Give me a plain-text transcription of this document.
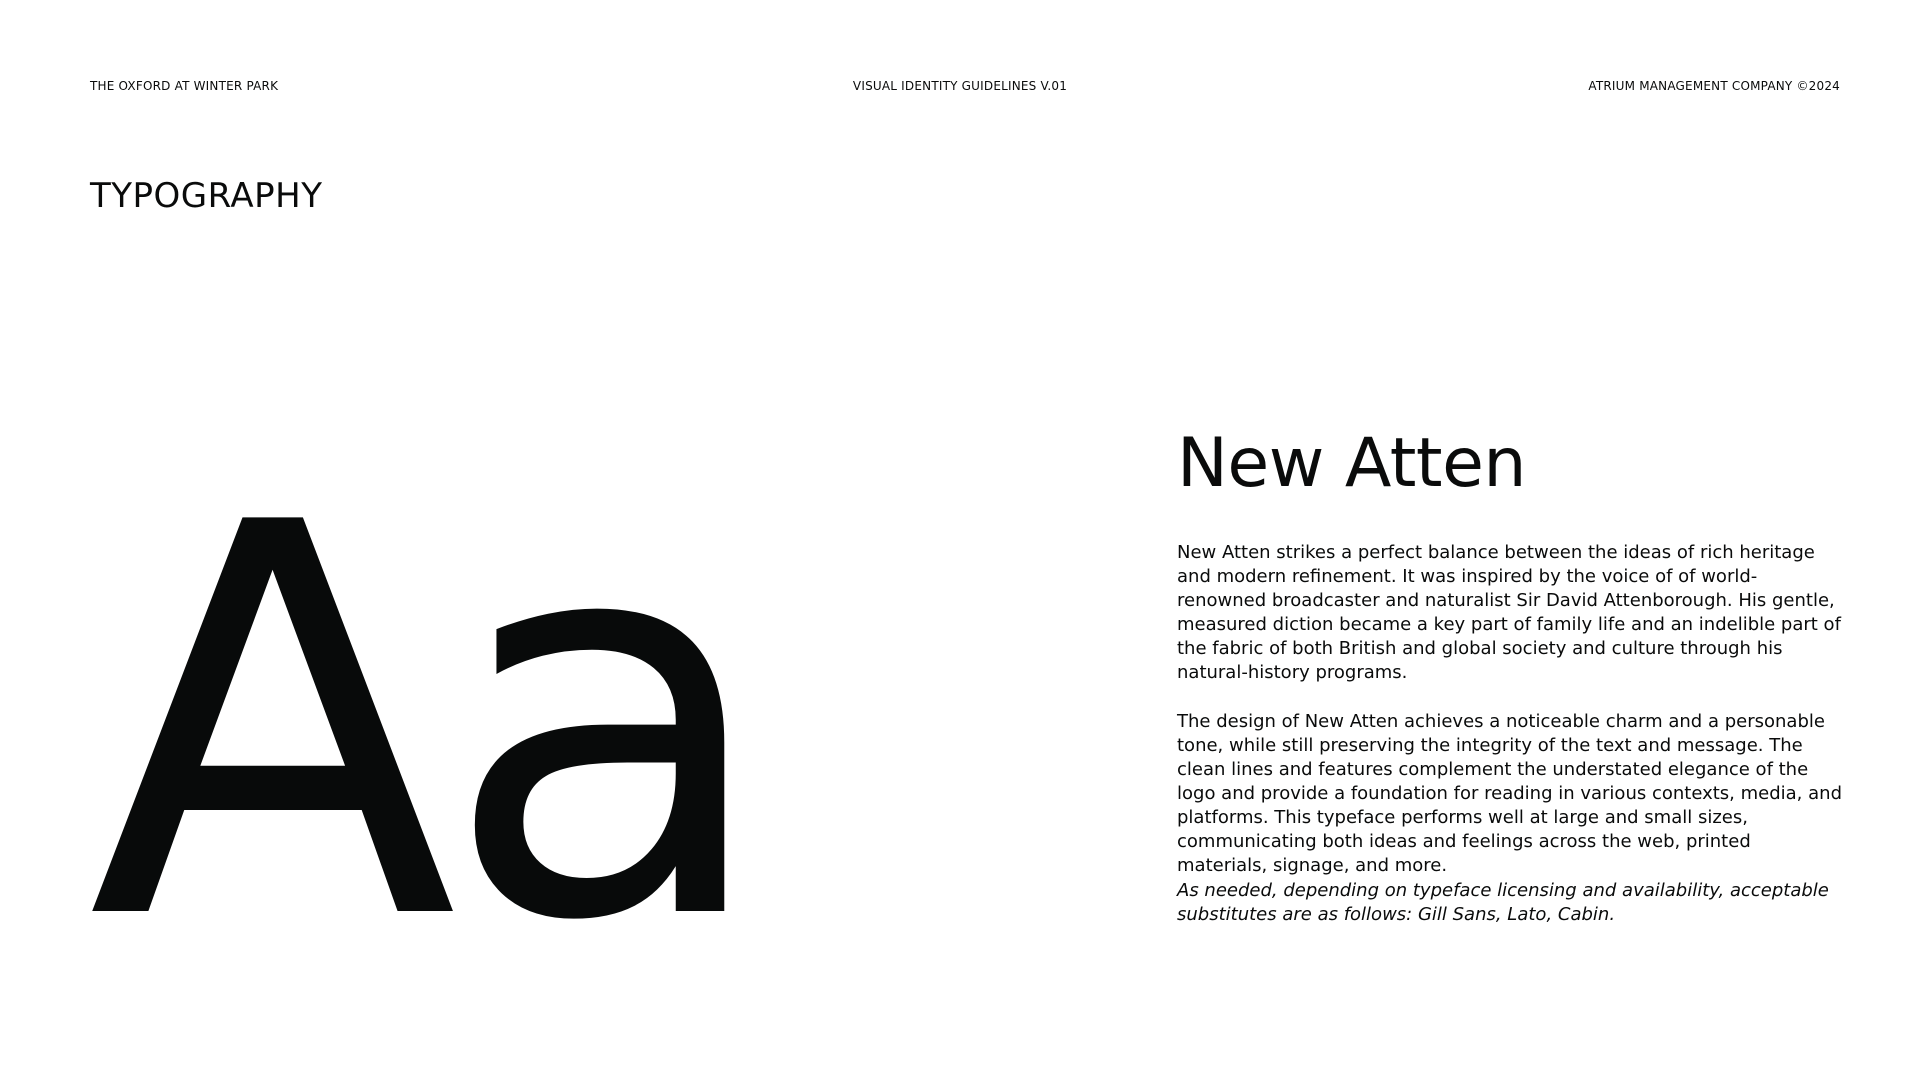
THE OXFORD AT WINTER PARK	VISUAL IDENTITY GUIDELINES V.01	ATRIUM MANAGEMENT COMPANY ©2024
TYPOGRAPHY
Aa	New Atten

New Atten strikes a perfect balance between the ideas of rich heritage and modern refinement. It was inspired by the voice of of world-renowned broadcaster and naturalist Sir David Attenborough. His gentle, measured diction became a key part of family life and an indelible part of the fabric of both British and global society and culture through his natural-history programs.

The design of New Atten achieves a noticeable charm and a personable tone, while still preserving the integrity of the text and message. The clean lines and features complement the understated elegance of the logo and provide a foundation for reading in various contexts, media, and platforms. This typeface performs well at large and small sizes, communicating both ideas and feelings across the web, printed materials, signage, and more.

As needed, depending on typeface licensing and availability, acceptable substitutes are as follows: Gill Sans, Lato, Cabin.
